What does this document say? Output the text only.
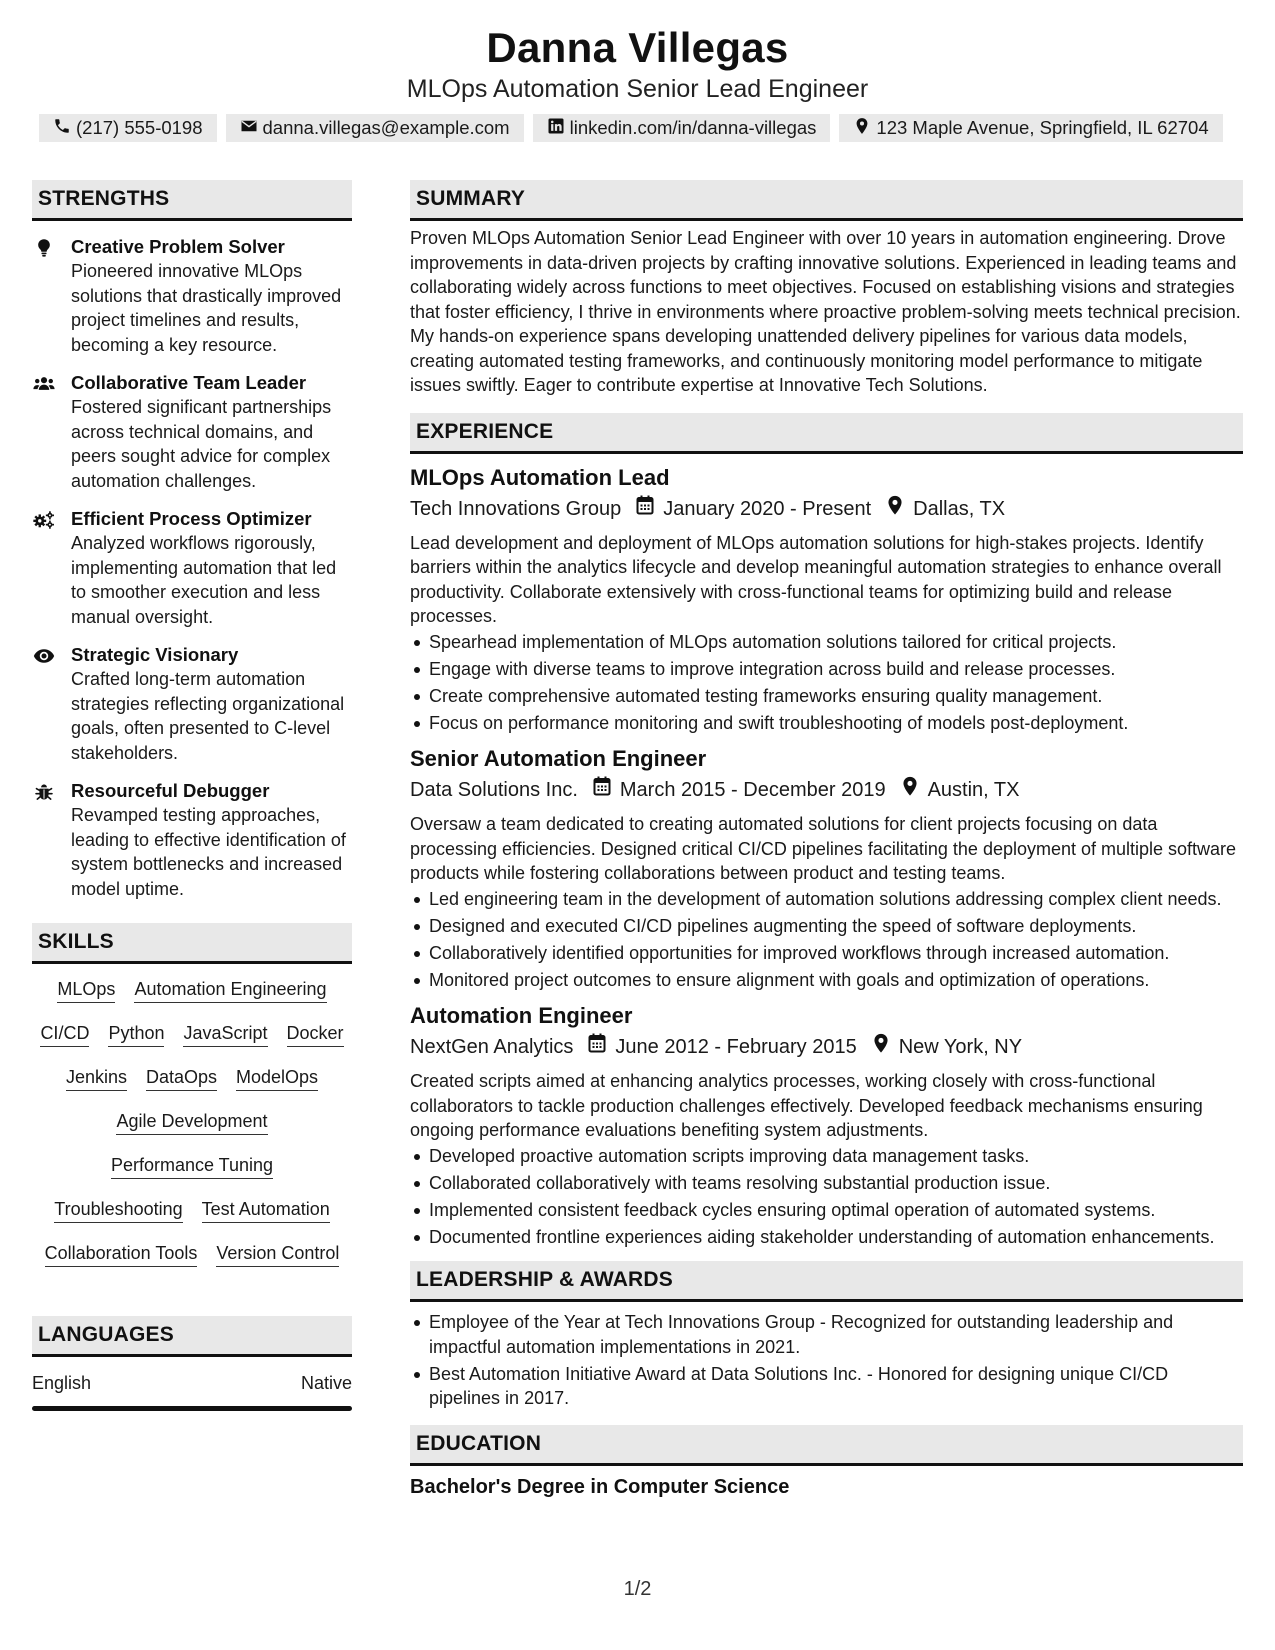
Danna Villegas
MLOps Automation Senior Lead Engineer
(217) 555-0198	danna.villegas@example.com	linkedin.com/in/danna-villegas	123 Maple Avenue, Springfield, IL 62704
STRENGTHS
Creative Problem Solver
Pioneered innovative MLOps solutions that drastically improved project timelines and results, becoming a key resource.
Collaborative Team Leader
Fostered significant partnerships across technical domains, and peers sought advice for complex automation challenges.
Efficient Process Optimizer
Analyzed workflows rigorously, implementing automation that led to smoother execution and less manual oversight.
Strategic Visionary
Crafted long-term automation strategies reflecting organizational goals, often presented to C-level stakeholders.
Resourceful Debugger
Revamped testing approaches, leading to effective identification of system bottlenecks and increased model uptime.
SKILLS
MLOps Automation Engineering
CI/CD Python JavaScript Docker
Jenkins DataOps ModelOps
Agile Development
Performance Tuning
Troubleshooting Test Automation
Collaboration Tools Version Control
LANGUAGES
English	Native
SUMMARY
Proven MLOps Automation Senior Lead Engineer with over 10 years in automation engineering. Drove improvements in data-driven projects by crafting innovative solutions. Experienced in leading teams and collaborating widely across functions to meet objectives. Focused on establishing visions and strategies that foster efficiency, I thrive in environments where proactive problem-solving meets technical precision. My hands-on experience spans developing unattended delivery pipelines for various data models, creating automated testing frameworks, and continuously monitoring model performance to mitigate issues swiftly. Eager to contribute expertise at Innovative Tech Solutions.
EXPERIENCE
MLOps Automation Lead
Tech Innovations Group January 2020 - Present Dallas, TX
Lead development and deployment of MLOps automation solutions for high-stakes projects. Identify barriers within the analytics lifecycle and develop meaningful automation strategies to enhance overall productivity. Collaborate extensively with cross-functional teams for optimizing build and release processes.
Spearhead implementation of MLOps automation solutions tailored for critical projects.
Engage with diverse teams to improve integration across build and release processes.
Create comprehensive automated testing frameworks ensuring quality management.
Focus on performance monitoring and swift troubleshooting of models post-deployment.
Senior Automation Engineer
Data Solutions Inc. March 2015 - December 2019 Austin, TX
Oversaw a team dedicated to creating automated solutions for client projects focusing on data processing efficiencies. Designed critical CI/CD pipelines facilitating the deployment of multiple software products while fostering collaborations between product and testing teams.
Led engineering team in the development of automation solutions addressing complex client needs.
Designed and executed CI/CD pipelines augmenting the speed of software deployments.
Collaboratively identified opportunities for improved workflows through increased automation.
Monitored project outcomes to ensure alignment with goals and optimization of operations.
Automation Engineer
NextGen Analytics June 2012 - February 2015 New York, NY
Created scripts aimed at enhancing analytics processes, working closely with cross-functional collaborators to tackle production challenges effectively. Developed feedback mechanisms ensuring ongoing performance evaluations benefiting system adjustments.
Developed proactive automation scripts improving data management tasks.
Collaborated collaboratively with teams resolving substantial production issue.
Implemented consistent feedback cycles ensuring optimal operation of automated systems.
Documented frontline experiences aiding stakeholder understanding of automation enhancements.
LEADERSHIP & AWARDS
Employee of the Year at Tech Innovations Group - Recognized for outstanding leadership and impactful automation implementations in 2021.
Best Automation Initiative Award at Data Solutions Inc. - Honored for designing unique CI/CD pipelines in 2017.
EDUCATION
Bachelor's Degree in Computer Science
1/2
